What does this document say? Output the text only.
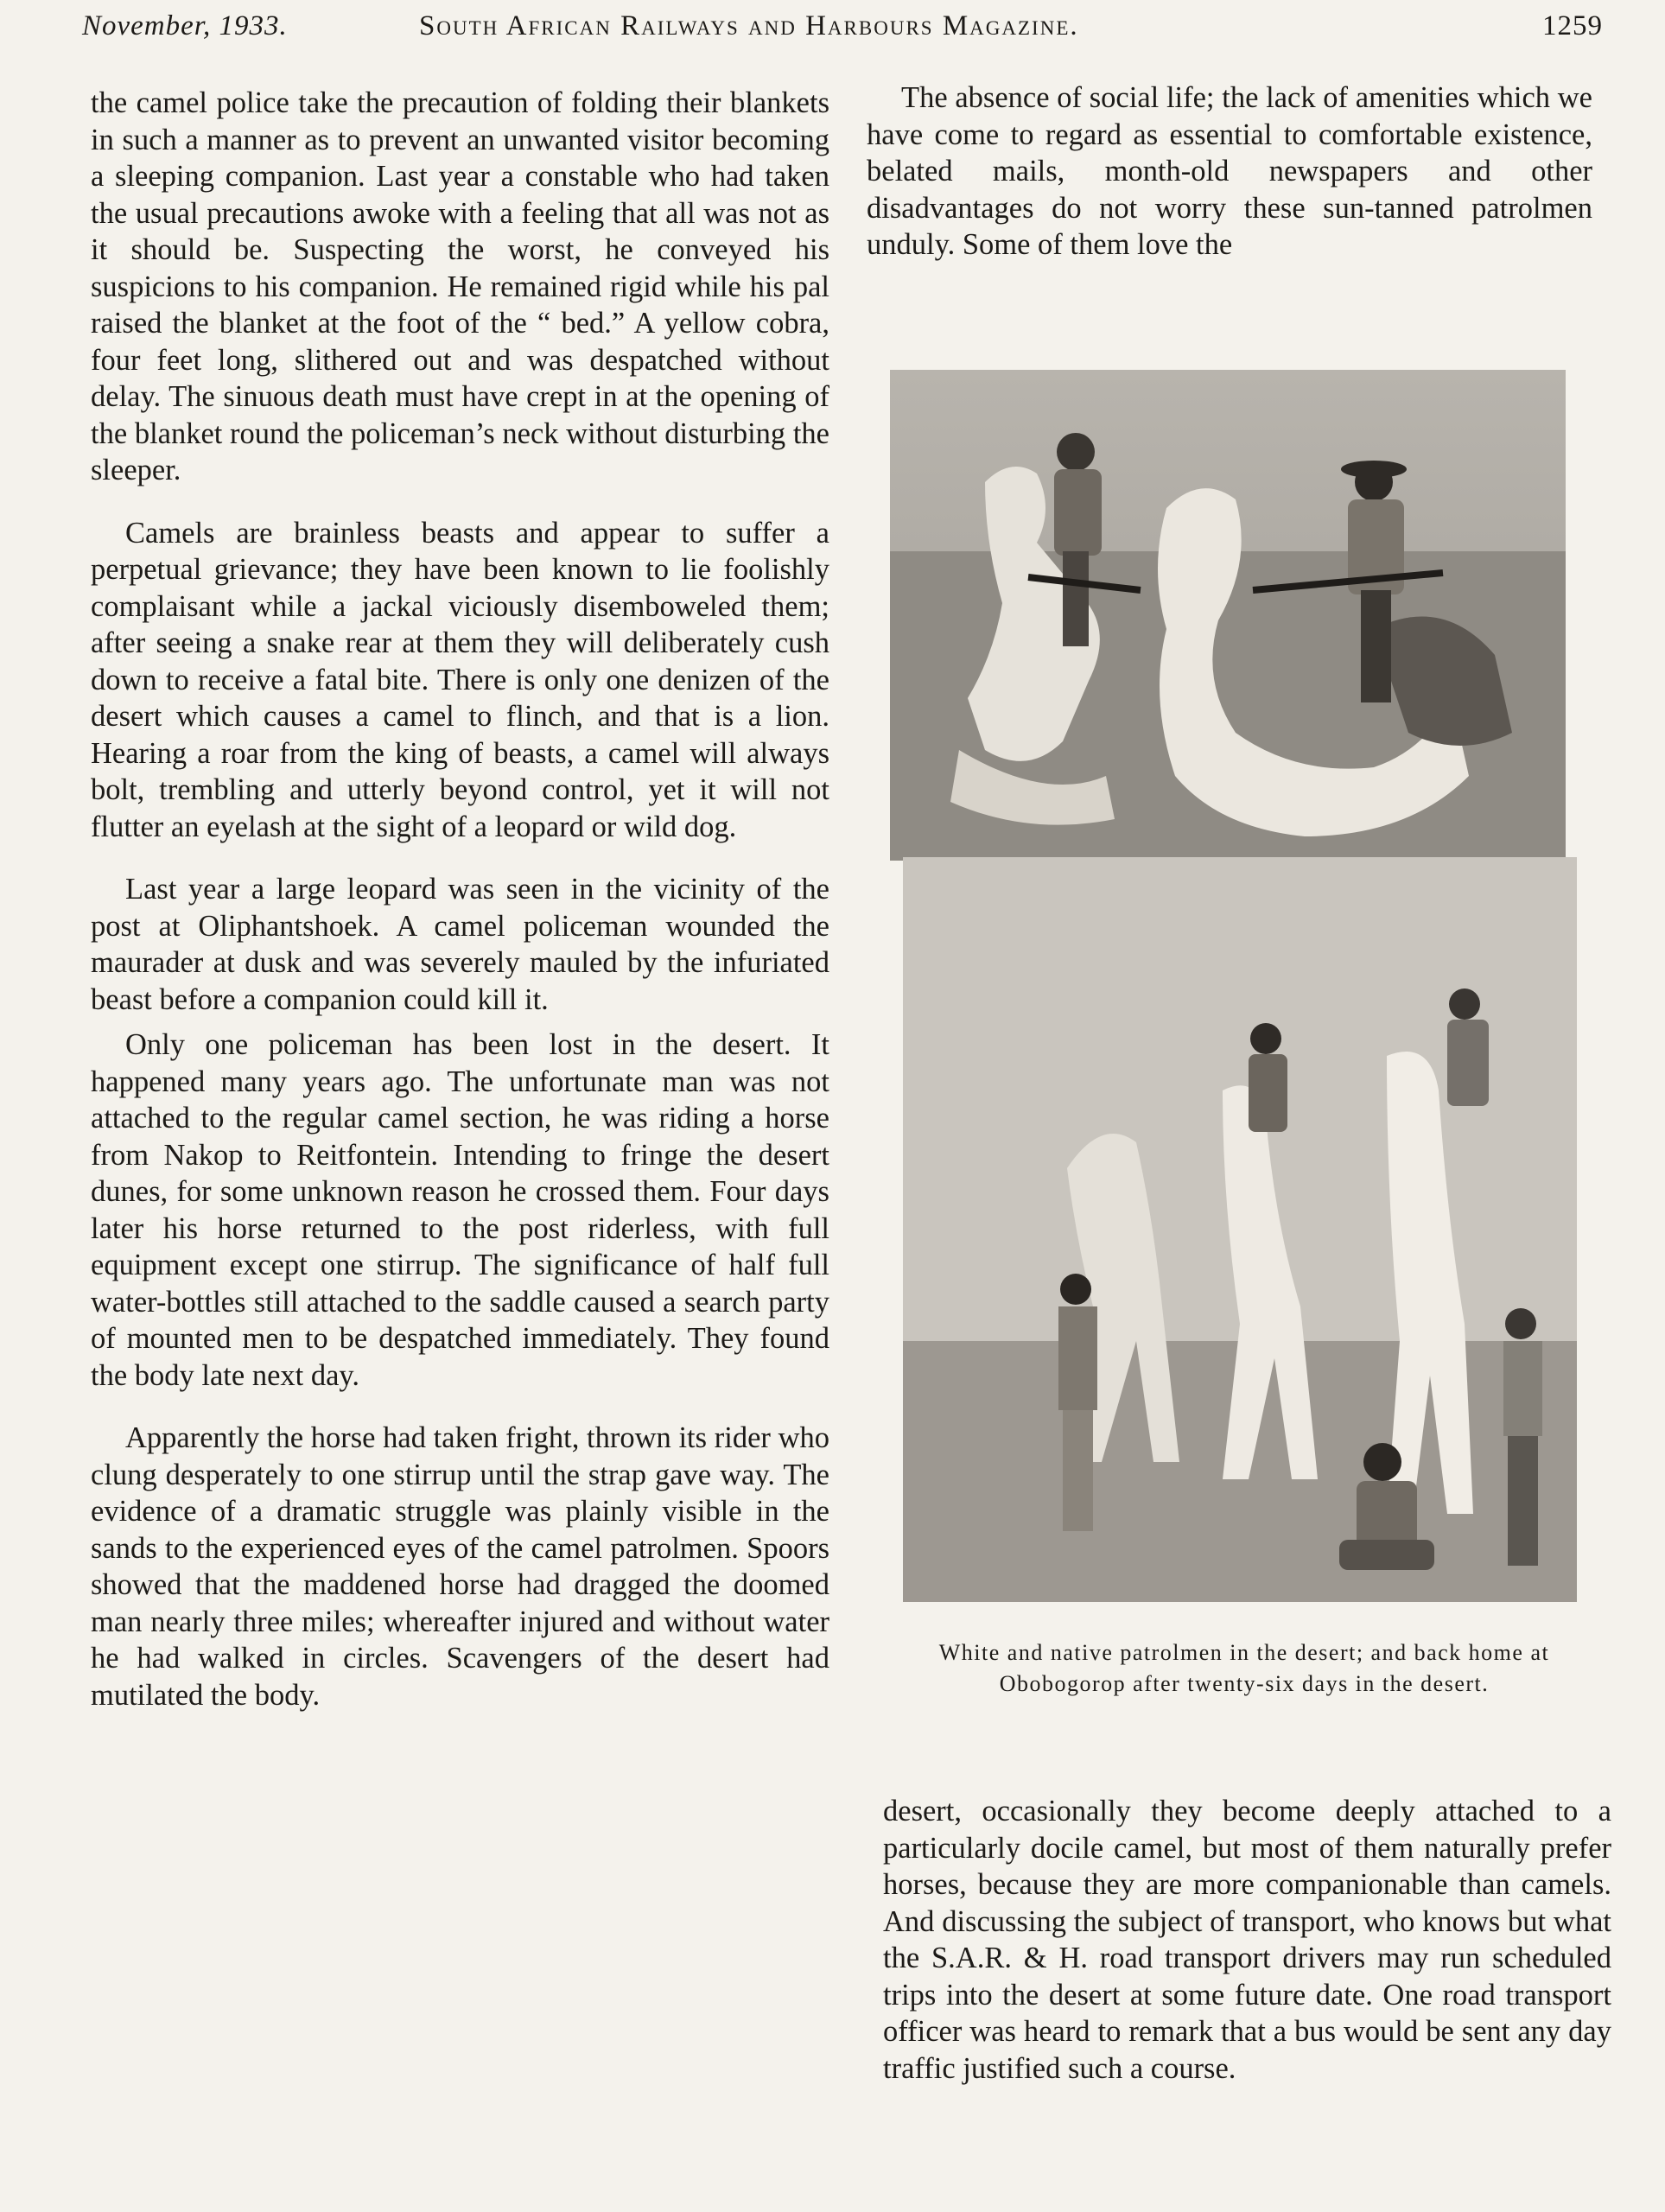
November, 1933.	South African Railways and Harbours Magazine.	1259

the camel police take the precaution of folding their blankets in such a manner as to prevent an unwanted visitor becoming a sleeping companion. Last year a constable who had taken the usual precautions awoke with a feeling that all was not as it should be. Suspecting the worst, he conveyed his suspicions to his companion. He remained rigid while his pal raised the blanket at the foot of the “ bed.” A yellow cobra, four feet long, slithered out and was despatched without delay. The sinuous death must have crept in at the opening of the blanket round the policeman’s neck without disturbing the sleeper.

Camels are brainless beasts and appear to suffer a perpetual grievance; they have been known to lie foolishly complaisant while a jackal viciously disemboweled them; after seeing a snake rear at them they will deliberately cush down to receive a fatal bite. There is only one denizen of the desert which causes a camel to flinch, and that is a lion. Hearing a roar from the king of beasts, a camel will always bolt, trembling and utterly beyond control, yet it will not flutter an eyelash at the sight of a leopard or wild dog.

Last year a large leopard was seen in the vicinity of the post at Oliphantshoek. A camel policeman wounded the maurader at dusk and was severely mauled by the infuriated beast before a companion could kill it.

Only one policeman has been lost in the desert. It happened many years ago. The unfortunate man was not attached to the regular camel section, he was riding a horse from Nakop to Reitfontein. Intending to fringe the desert dunes, for some unknown reason he crossed them. Four days later his horse returned to the post riderless, with full equipment except one stirrup. The significance of half full water-bottles still attached to the saddle caused a search party of mounted men to be despatched immediately. They found the body late next day.

Apparently the horse had taken fright, thrown its rider who clung desperately to one stirrup until the strap gave way. The evidence of a dramatic struggle was plainly visible in the sands to the experienced eyes of the camel patrolmen. Spoors showed that the maddened horse had dragged the doomed man nearly three miles; whereafter injured and without water he had walked in circles. Scavengers of the desert had mutilated the body.

The absence of social life; the lack of amenities which we have come to regard as essential to comfortable existence, belated mails, month-old newspapers and other disadvantages do not worry these sun-tanned patrolmen unduly. Some of them love the

White and native patrolmen in the desert; and back home at Obobogorop after twenty-six days in the desert.

desert, occasionally they become deeply attached to a particularly docile camel, but most of them naturally prefer horses, because they are more companionable than camels. And discussing the subject of transport, who knows but what the S.A.R. & H. road transport drivers may run scheduled trips into the desert at some future date. One road transport officer was heard to remark that a bus would be sent any day traffic justified such a course.
